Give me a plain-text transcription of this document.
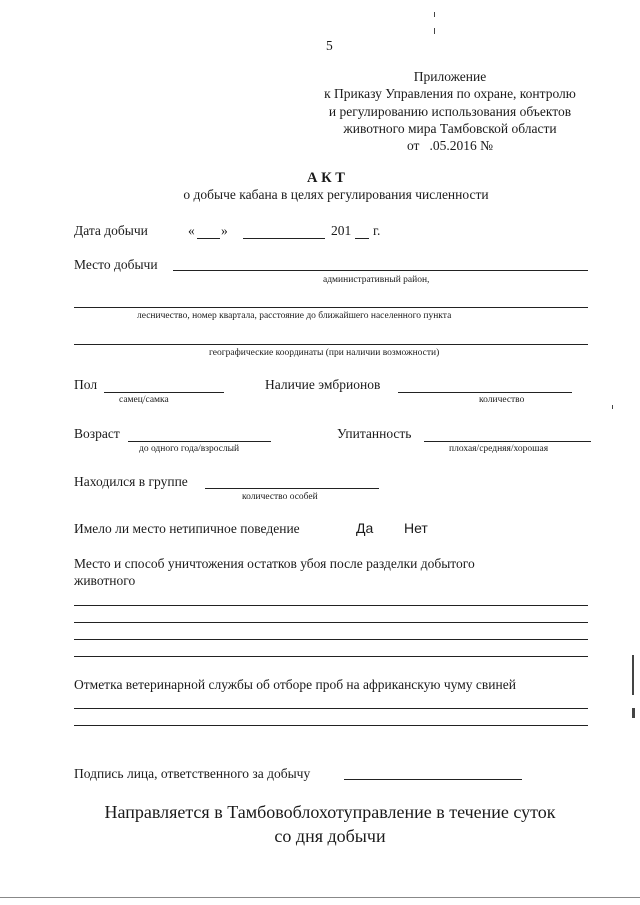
5
Приложение
к Приказу Управления по охране, контролю
и регулированию использования объектов
животного мира Тамбовской области
от   .05.2016 №
А К Т
о добыче кабана в целях регулирования численности
Дата добычи	« »	201 г.
Место добычи
административный район,
лесничество, номер квартала, расстояние до ближайшего населенного пункта
географические координаты (при наличии возможности)
Пол
самец/самка
Наличие эмбрионов
количество
Возраст
до одного года/взрослый
Упитанность
плохая/средняя/хорошая
Находился в группе
количество особей
Имело ли место нетипичное поведение	Да Нет
Место и способ уничтожения остатков убоя после разделки добытого
животного
Отметка ветеринарной службы об отборе проб на африканскую чуму свиней
Подпись лица, ответственного за добычу
Направляется в Тамбовоблохотуправление в течение суток
со дня добычи
